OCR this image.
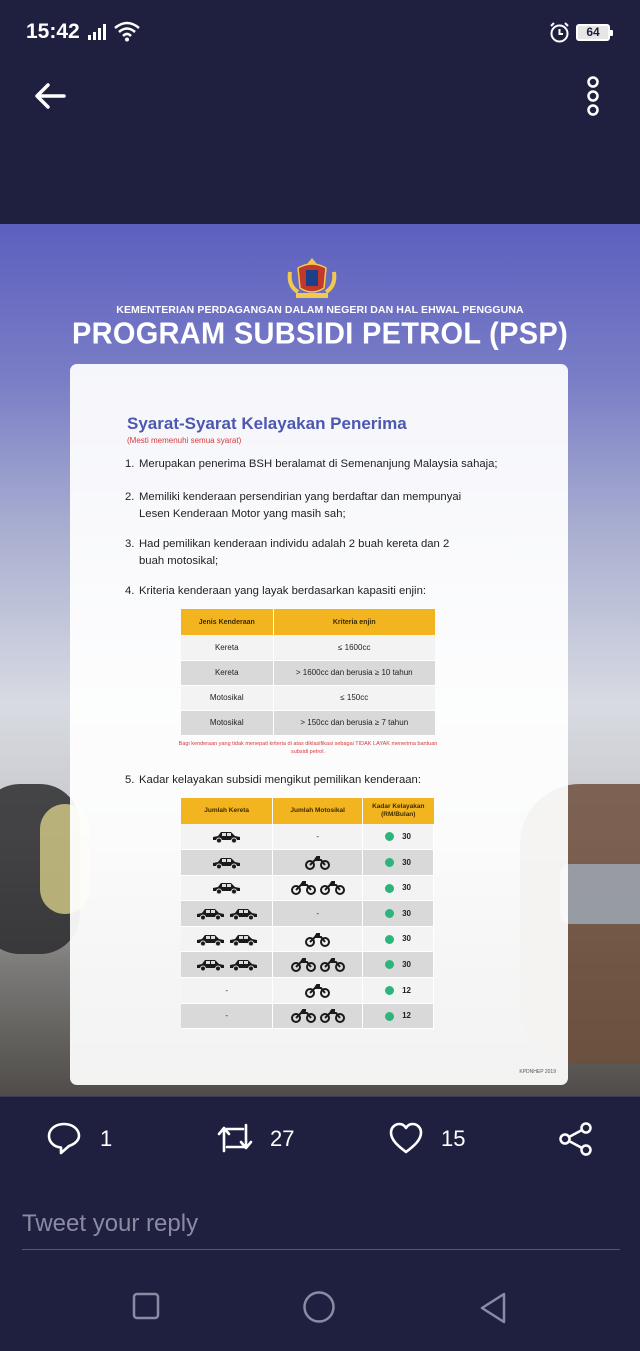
15:42	64
KEMENTERIAN PERDAGANGAN DALAM NEGERI DAN HAL EHWAL PENGGUNA
PROGRAM SUBSIDI PETROL (PSP)
Syarat-Syarat Kelayakan Penerima
(Mesti memenuhi semua syarat)
1. Merupakan penerima BSH beralamat di Semenanjung Malaysia sahaja;
2. Memiliki kenderaan persendirian yang berdaftar dan mempunyai Lesen Kenderaan Motor yang masih sah;
3. Had pemilikan kenderaan individu adalah 2 buah kereta dan 2 buah motosikal;
4. Kriteria kenderaan yang layak berdasarkan kapasiti enjin:
Jenis Kenderaan	Kriteria enjin
Kereta	≤ 1600cc
Kereta	> 1600cc dan berusia ≥ 10 tahun
Motosikal	≤ 150cc
Motosikal	> 150cc dan berusia ≥ 7 tahun
Bagi kenderaan yang tidak menepati kriteria di atas diklasifikasi sebagai TIDAK LAYAK menerima bantuan subsidi petrol.
5. Kadar kelayakan subsidi mengikut pemilikan kenderaan:
Jumlah Kereta	Jumlah Motosikal	Kadar Kelayakan (RM/Bulan)
	-	30
		30
		30
	-	30
		30
		30
-		12
-		12
KPDNHEP 2019
1	27	15
Tweet your reply
